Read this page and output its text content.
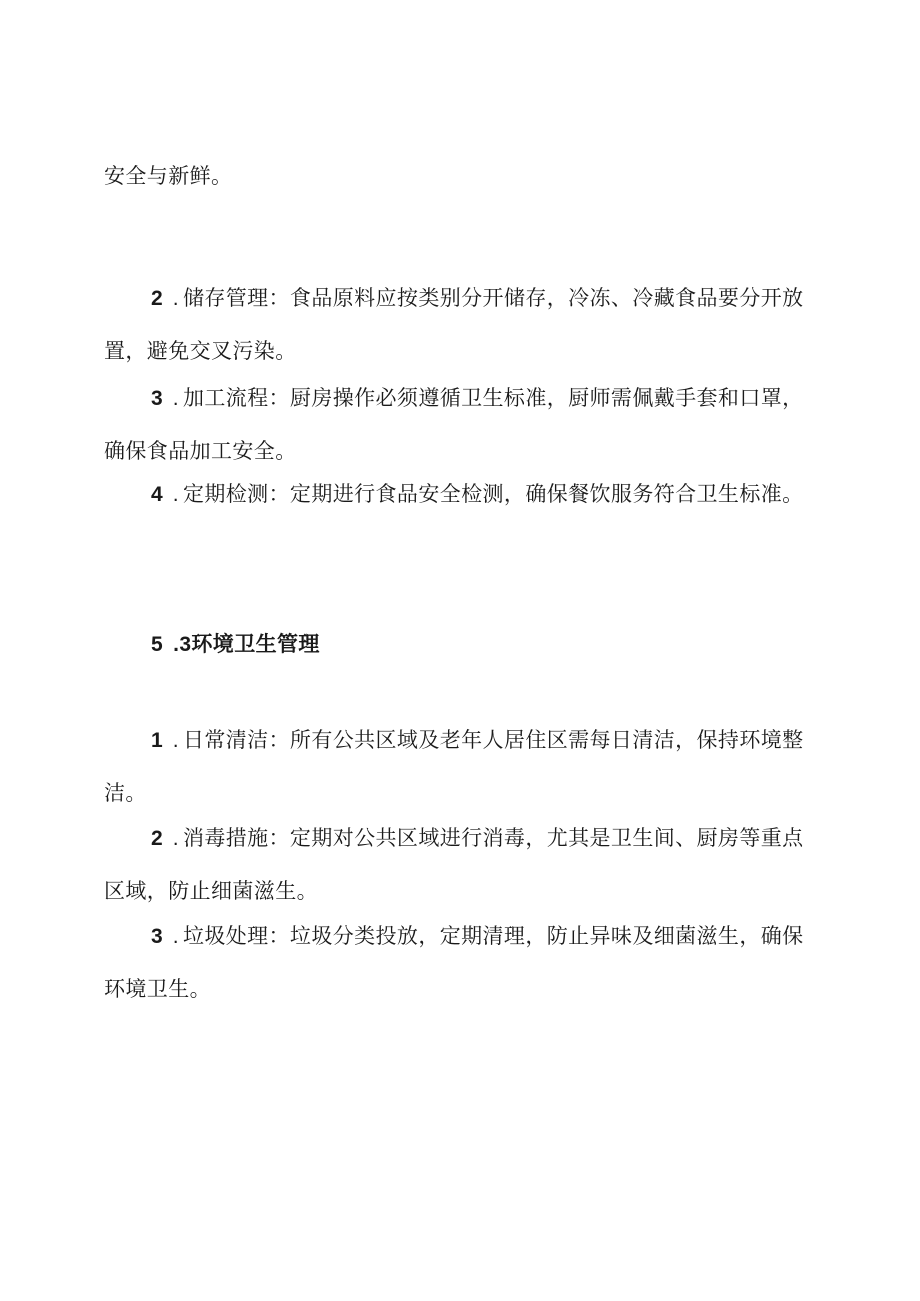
安全与新鲜。

2 . 储存管理：食品原料应按类别分开储存，冷冻、冷藏食品要分开放置，避免交叉污染。

3 . 加工流程：厨房操作必须遵循卫生标准，厨师需佩戴手套和口罩，确保食品加工安全。

4 . 定期检测：定期进行食品安全检测，确保餐饮服务符合卫生标准。

5 .3环境卫生管理

1 . 日常清洁：所有公共区域及老年人居住区需每日清洁，保持环境整洁。

2 . 消毒措施：定期对公共区域进行消毒，尤其是卫生间、厨房等重点区域，防止细菌滋生。

3 . 垃圾处理：垃圾分类投放，定期清理，防止异味及细菌滋生，确保环境卫生。
